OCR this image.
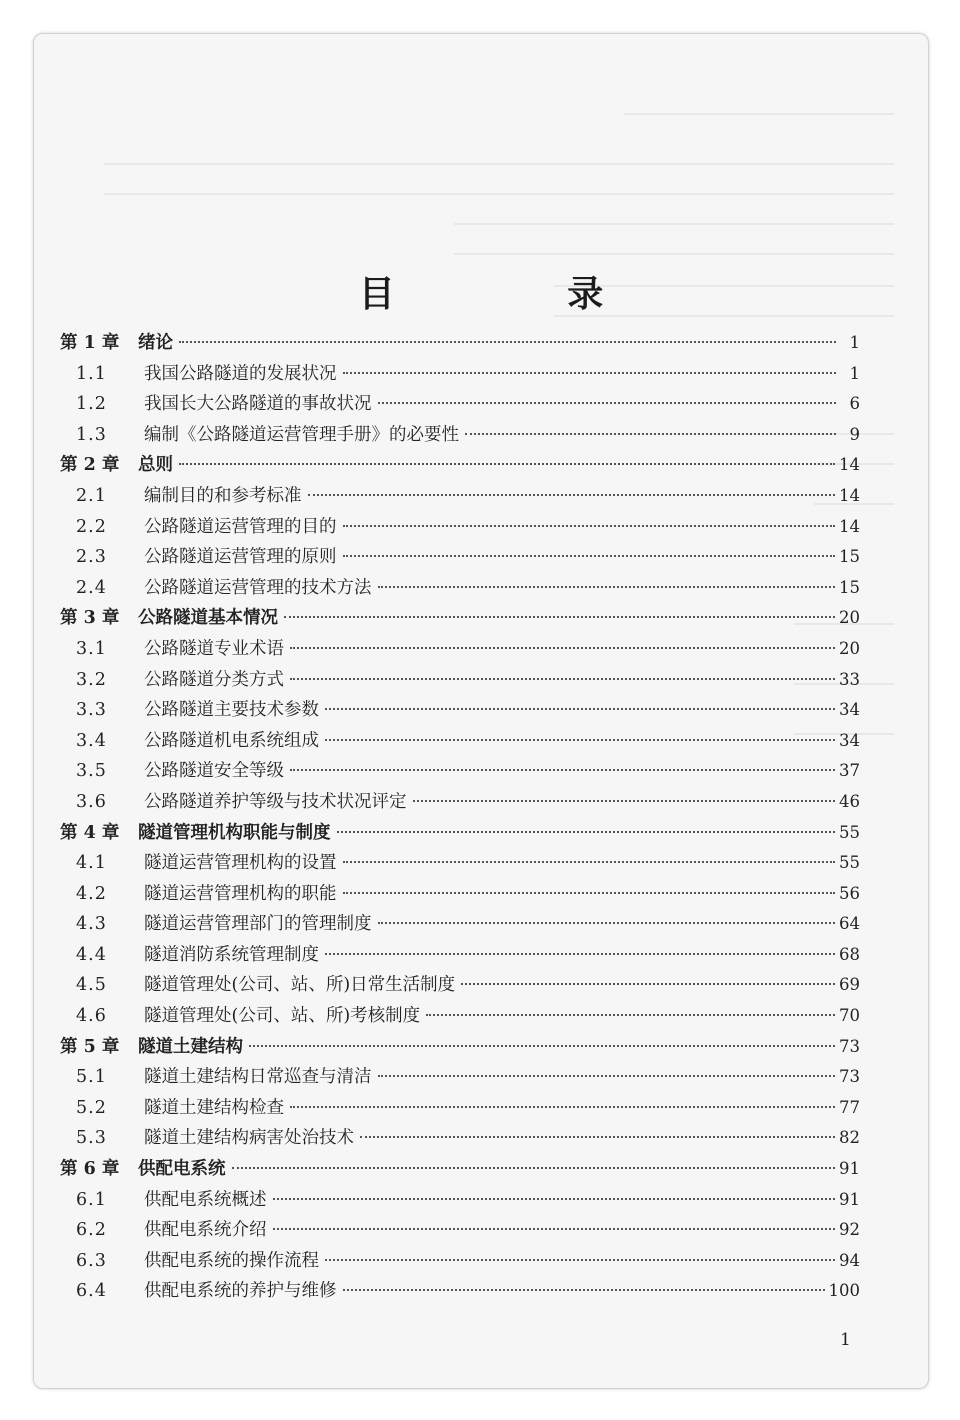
目 录
第 1 章	绪论	1
1.1	我国公路隧道的发展状况	1
1.2	我国长大公路隧道的事故状况	6
1.3	编制《公路隧道运营管理手册》的必要性	9
第 2 章	总则	14
2.1	编制目的和参考标准	14
2.2	公路隧道运营管理的目的	14
2.3	公路隧道运营管理的原则	15
2.4	公路隧道运营管理的技术方法	15
第 3 章	公路隧道基本情况	20
3.1	公路隧道专业术语	20
3.2	公路隧道分类方式	33
3.3	公路隧道主要技术参数	34
3.4	公路隧道机电系统组成	34
3.5	公路隧道安全等级	37
3.6	公路隧道养护等级与技术状况评定	46
第 4 章	隧道管理机构职能与制度	55
4.1	隧道运营管理机构的设置	55
4.2	隧道运营管理机构的职能	56
4.3	隧道运营管理部门的管理制度	64
4.4	隧道消防系统管理制度	68
4.5	隧道管理处(公司、站、所)日常生活制度	69
4.6	隧道管理处(公司、站、所)考核制度	70
第 5 章	隧道土建结构	73
5.1	隧道土建结构日常巡查与清洁	73
5.2	隧道土建结构检查	77
5.3	隧道土建结构病害处治技术	82
第 6 章	供配电系统	91
6.1	供配电系统概述	91
6.2	供配电系统介绍	92
6.3	供配电系统的操作流程	94
6.4	供配电系统的养护与维修	100
1
